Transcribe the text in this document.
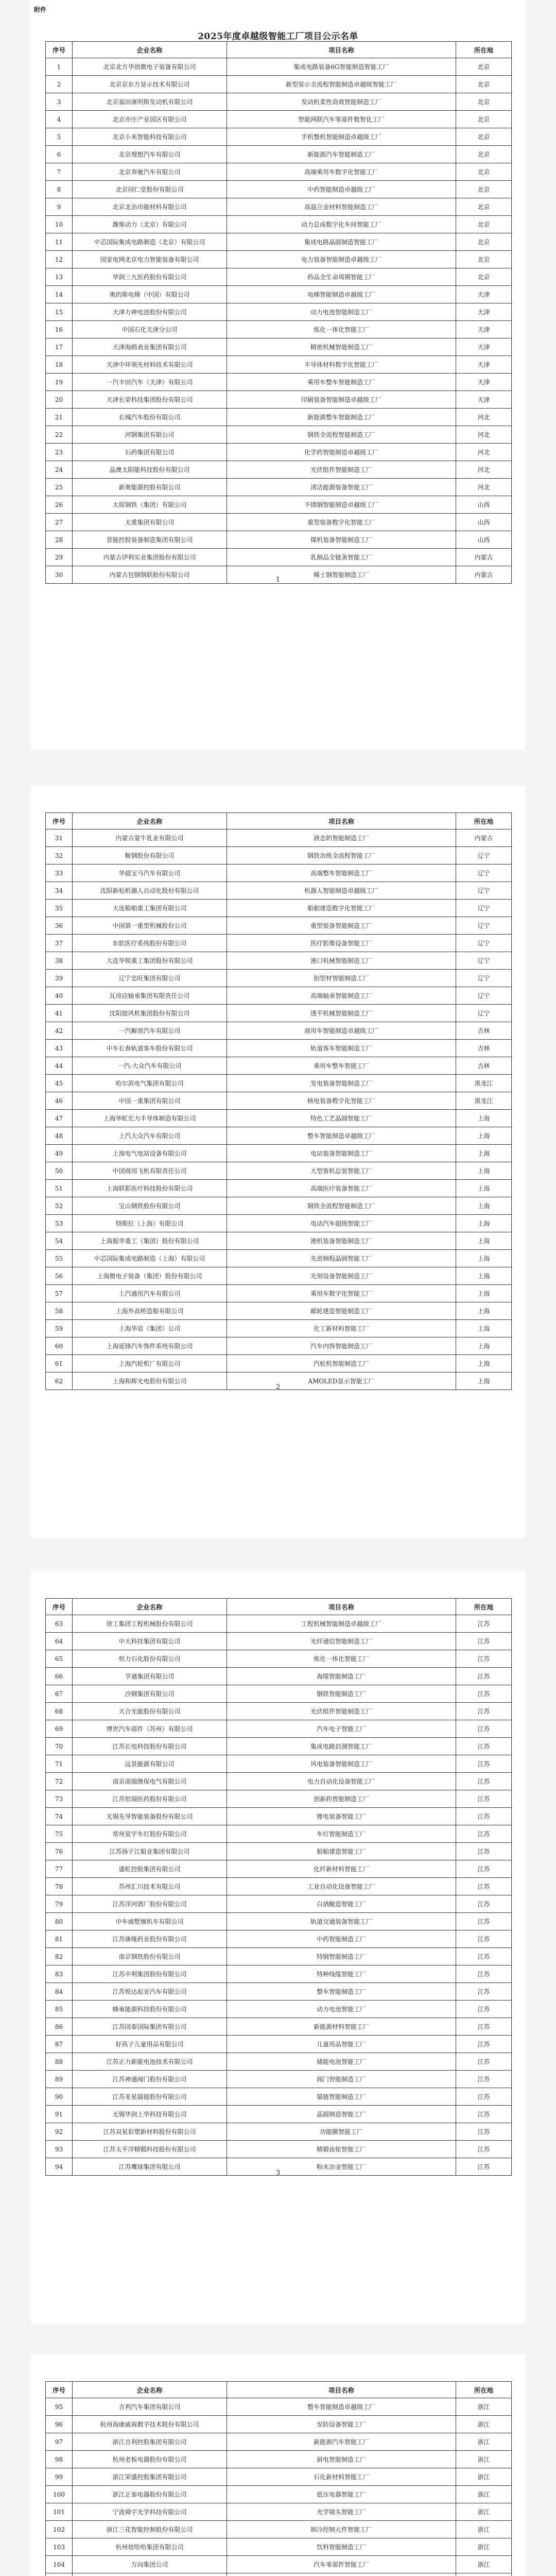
附件
2025年度卓越级智能工厂项目公示名单
序号	企业名称	项目名称	所在地
1	北京北方华创微电子装备有限公司	集成电路装备6G智能制造智能工厂	北京
2	北京京东方显示技术有限公司	新型显示全流程智能制造卓越级智能工厂	北京
3	北京福田康明斯发动机有限公司	发动机柔性高效智能制造工厂	北京
4	北京亦庄产业园区有限公司	智能网联汽车零部件数智化工厂	北京
5	北京小米智能科技有限公司	手机整机智能制造卓越级工厂	北京
6	北京理想汽车有限公司	新能源汽车智能制造工厂	北京
7	北京奔驰汽车有限公司	高端乘用车数字化智能工厂	北京
8	北京同仁堂股份有限公司	中药智能制造卓越级工厂	北京
9	北京北冶功能材料有限公司	高温合金材料智能制造工厂	北京
10	潍柴动力（北京）有限公司	动力总成数字化车间智能工厂	北京
11	中芯国际集成电路制造（北京）有限公司	集成电路晶圆制造智能工厂	北京
12	国家电网北京电力智能装备有限公司	电力装备智能制造卓越级工厂	北京
13	华润三九医药股份有限公司	药品全生命周期智能工厂	北京
14	奥的斯电梯（中国）有限公司	电梯智能制造卓越级工厂	天津
15	天津力神电池股份有限公司	动力电池智能制造工厂	天津
16	中国石化天津分公司	炼化一体化智能工厂	天津
17	天津海鸥表业集团有限公司	精密机械智能制造工厂	天津
18	天津中环领先材料技术有限公司	半导体材料数字化智能工厂	天津
19	一汽丰田汽车（天津）有限公司	乘用车整车智能制造工厂	天津
20	天津长荣科技集团股份有限公司	印刷装备智能制造卓越级工厂	天津
21	长城汽车股份有限公司	新能源整车智能制造工厂	河北
22	河钢集团有限公司	钢铁全流程智能制造工厂	河北
23	石药集团有限公司	化学药智能制造卓越级工厂	河北
24	晶澳太阳能科技股份有限公司	光伏组件智能制造工厂	河北
25	新奥能源控股有限公司	清洁能源装备智能工厂	河北
26	太原钢铁（集团）有限公司	不锈钢智能制造卓越级工厂	山西
27	太重集团有限公司	重型装备数字化智能工厂	山西
28	晋能控股装备制造集团有限公司	煤机装备智能制造工厂	山西
29	内蒙古伊利实业集团股份有限公司	乳制品全链条智能工厂	内蒙古
30	内蒙古包钢钢联股份有限公司	稀土钢智能制造工厂	内蒙古
1
序号	企业名称	项目名称	所在地
31	内蒙古蒙牛乳业有限公司	液态奶智能制造工厂	内蒙古
32	鞍钢股份有限公司	钢铁冶炼全流程智能工厂	辽宁
33	华晨宝马汽车有限公司	高端整车智能制造工厂	辽宁
34	沈阳新松机器人自动化股份有限公司	机器人智能制造卓越级工厂	辽宁
35	大连船舶重工集团有限公司	船舶建造数字化智能工厂	辽宁
36	中国第一重型机械股份公司	重型装备智能制造工厂	辽宁
37	东软医疗系统股份有限公司	医疗影像设备智能工厂	辽宁
38	大连华锐重工集团股份有限公司	港口机械智能制造工厂	辽宁
39	辽宁忠旺集团有限公司	铝型材智能制造工厂	辽宁
40	瓦房店轴承集团有限责任公司	高端轴承智能制造工厂	辽宁
41	沈阳鼓风机集团股份有限公司	透平机械智能制造工厂	辽宁
42	一汽解放汽车有限公司	商用车智能制造卓越级工厂	吉林
43	中车长春轨道客车股份有限公司	轨道客车智能制造工厂	吉林
44	一汽-大众汽车有限公司	乘用车整车智能工厂	吉林
45	哈尔滨电气集团有限公司	发电装备智能制造工厂	黑龙江
46	中国一重集团有限公司	核电装备数字化智能工厂	黑龙江
47	上海华虹宏力半导体制造有限公司	特色工艺晶圆智能工厂	上海
48	上汽大众汽车有限公司	整车智能制造卓越级工厂	上海
49	上海电气电站设备有限公司	电站装备智能制造工厂	上海
50	中国商用飞机有限责任公司	大型客机总装智能工厂	上海
51	上海联影医疗科技股份有限公司	高端医疗装备智能工厂	上海
52	宝山钢铁股份有限公司	钢铁全流程智能制造工厂	上海
53	特斯拉（上海）有限公司	电动汽车超级智能工厂	上海
54	上海振华重工（集团）股份有限公司	港机装备智能制造工厂	上海
55	中芯国际集成电路制造（上海）有限公司	先进制程晶圆智能工厂	上海
56	上海微电子装备（集团）股份有限公司	光刻设备智能制造工厂	上海
57	上汽通用汽车有限公司	乘用车数字化智能工厂	上海
58	上海外高桥造船有限公司	邮轮建造智能制造工厂	上海
59	上海华谊（集团）公司	化工新材料智能工厂	上海
60	上海延锋汽车饰件系统有限公司	汽车内饰智能制造工厂	上海
61	上海汽轮机厂有限公司	汽轮机智能制造工厂	上海
62	上海和辉光电股份有限公司	AMOLED显示智能工厂	上海
2
序号	企业名称	项目名称	所在地
63	徐工集团工程机械股份有限公司	工程机械智能制造卓越级工厂	江苏
64	中天科技集团有限公司	光纤通信智能制造工厂	江苏
65	恒力石化股份有限公司	炼化一体化智能工厂	江苏
66	亨通集团有限公司	海缆智能制造工厂	江苏
67	沙钢集团有限公司	钢铁智能制造工厂	江苏
68	天合光能股份有限公司	光伏组件智能制造工厂	江苏
69	博世汽车部件（苏州）有限公司	汽车电子智能工厂	江苏
70	江苏长电科技股份有限公司	集成电路封测智能工厂	江苏
71	远景能源有限公司	风电装备智能制造工厂	江苏
72	南京南瑞继保电气有限公司	电力自动化设备智能工厂	江苏
73	江苏恒瑞医药股份有限公司	创新药智能制造工厂	江苏
74	无锡先导智能装备股份有限公司	锂电装备智能工厂	江苏
75	常州星宇车灯股份有限公司	车灯智能制造工厂	江苏
76	江苏扬子江船业集团有限公司	船舶建造智能工厂	江苏
77	盛虹控股集团有限公司	化纤新材料智能工厂	江苏
78	苏州汇川技术有限公司	工业自动化设备智能工厂	江苏
79	江苏洋河酒厂股份有限公司	白酒酿造智能工厂	江苏
80	中车戚墅堰机车有限公司	轨道交通装备智能工厂	江苏
81	江苏康缘药业股份有限公司	中药智能制造工厂	江苏
82	南京钢铁股份有限公司	特钢智能制造工厂	江苏
83	江苏中利集团股份有限公司	特种线缆智能工厂	江苏
84	江苏悦达起亚汽车有限公司	整车智能制造工厂	江苏
85	蜂巢能源科技股份有限公司	动力电池智能工厂	江苏
86	江苏国泰国际集团有限公司	新能源材料智能工厂	江苏
87	好孩子儿童用品有限公司	儿童用品智能工厂	江苏
88	江苏正力新能电池技术有限公司	储能电池智能工厂	江苏
89	江苏神通阀门股份有限公司	阀门智能制造工厂	江苏
90	江苏亚星锚链股份有限公司	锚链智能制造工厂	江苏
91	无锡华润上华科技有限公司	晶圆制造智能工厂	江苏
92	江苏双星彩塑新材料股份有限公司	功能膜智能工厂	江苏
93	江苏太平洋精锻科技股份有限公司	精锻齿轮智能工厂	江苏
94	江苏鹰球集团有限公司	粉末冶金智能工厂	江苏
3
序号	企业名称	项目名称	所在地
95	吉利汽车集团有限公司	整车智能制造卓越级工厂	浙江
96	杭州海康威视数字技术股份有限公司	安防设备智能工厂	浙江
97	浙江吉利控股集团有限公司	新能源汽车智能工厂	浙江
98	杭州老板电器股份有限公司	厨电智能制造工厂	浙江
99	浙江荣盛控股集团有限公司	石化新材料智能工厂	浙江
100	浙江正泰电器股份有限公司	低压电器智能工厂	浙江
101	宁波舜宇光学科技有限公司	光学镜头智能工厂	浙江
102	浙江三花智能控制股份有限公司	制冷控制元件智能工厂	浙江
103	杭州娃哈哈集团有限公司	饮料智能制造工厂	浙江
104	万向集团公司	汽车零部件智能工厂	浙江
